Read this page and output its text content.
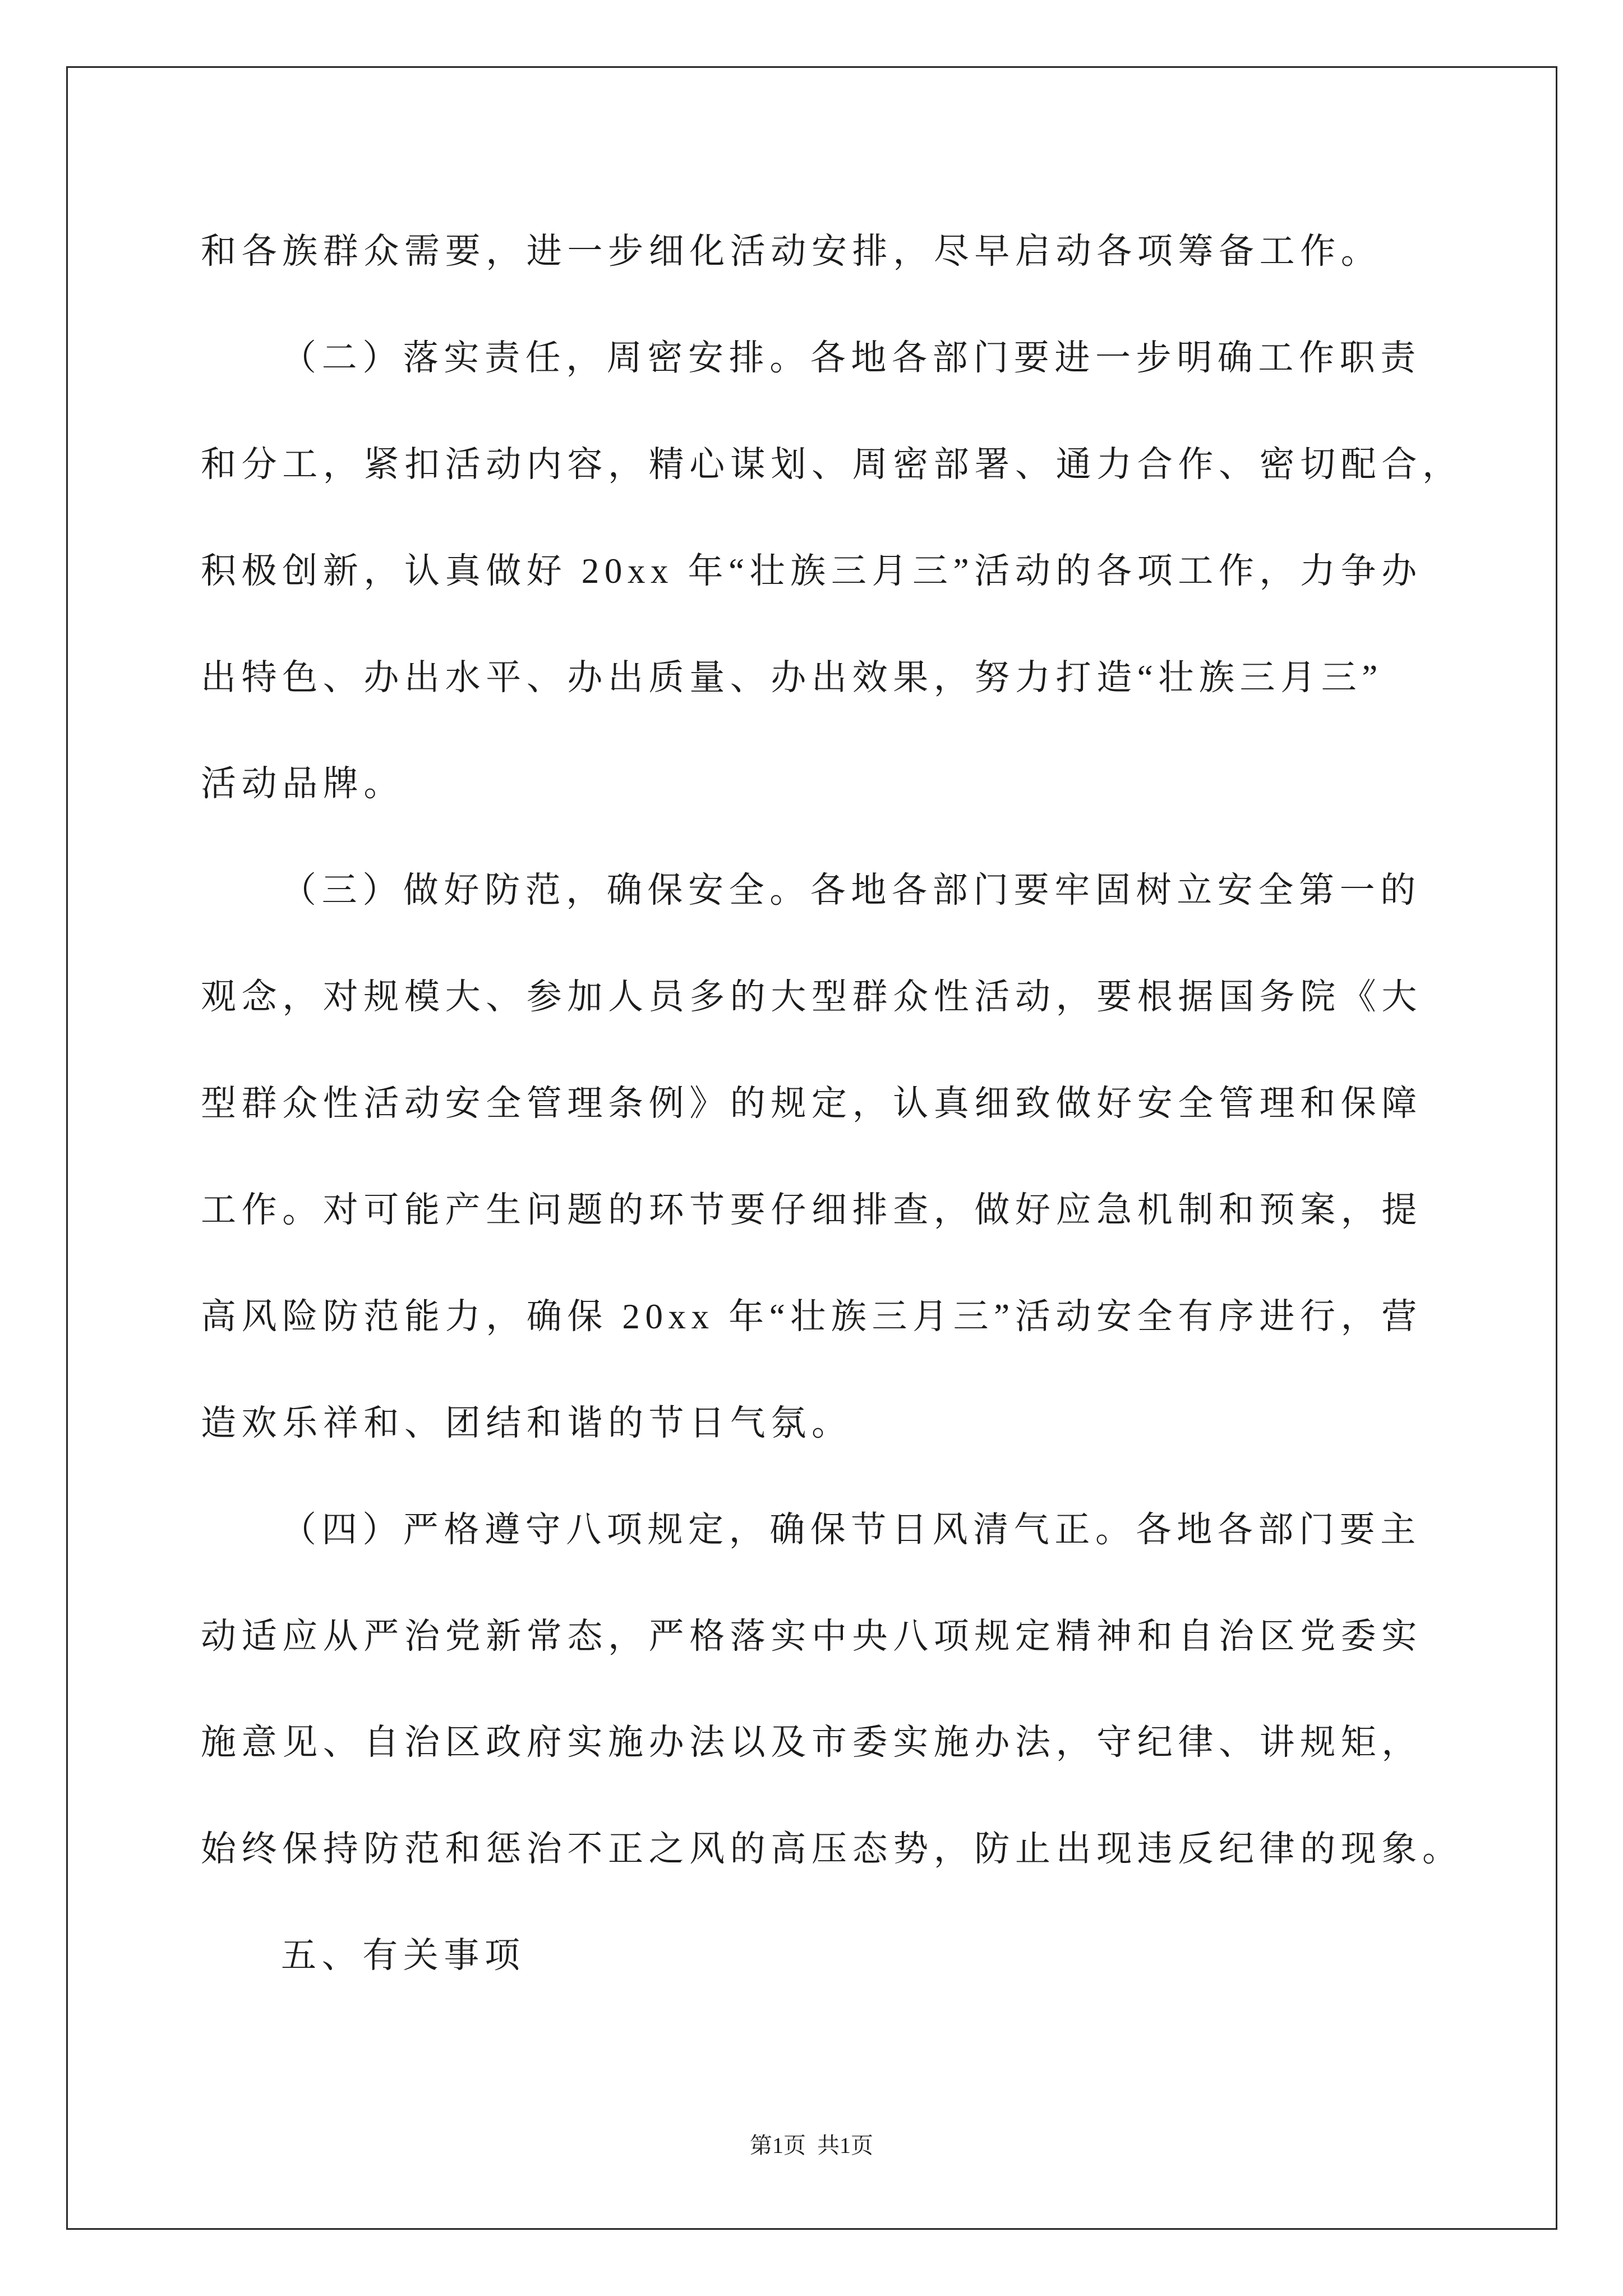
和各族群众需要，进一步细化活动安排，尽早启动各项筹备工作。
（二）落实责任，周密安排。各地各部门要进一步明确工作职责
和分工，紧扣活动内容，精心谋划、周密部署、通力合作、密切配合，
积极创新，认真做好 20xx 年“壮族三月三”活动的各项工作，力争办
出特色、办出水平、办出质量、办出效果，努力打造“壮族三月三”
活动品牌。
（三）做好防范，确保安全。各地各部门要牢固树立安全第一的
观念，对规模大、参加人员多的大型群众性活动，要根据国务院《大
型群众性活动安全管理条例》的规定，认真细致做好安全管理和保障
工作。对可能产生问题的环节要仔细排查，做好应急机制和预案，提
高风险防范能力，确保 20xx 年“壮族三月三”活动安全有序进行，营
造欢乐祥和、团结和谐的节日气氛。
（四）严格遵守八项规定，确保节日风清气正。各地各部门要主
动适应从严治党新常态，严格落实中央八项规定精神和自治区党委实
施意见、自治区政府实施办法以及市委实施办法，守纪律、讲规矩，
始终保持防范和惩治不正之风的高压态势，防止出现违反纪律的现象。
五、有关事项
第1页  共1页
